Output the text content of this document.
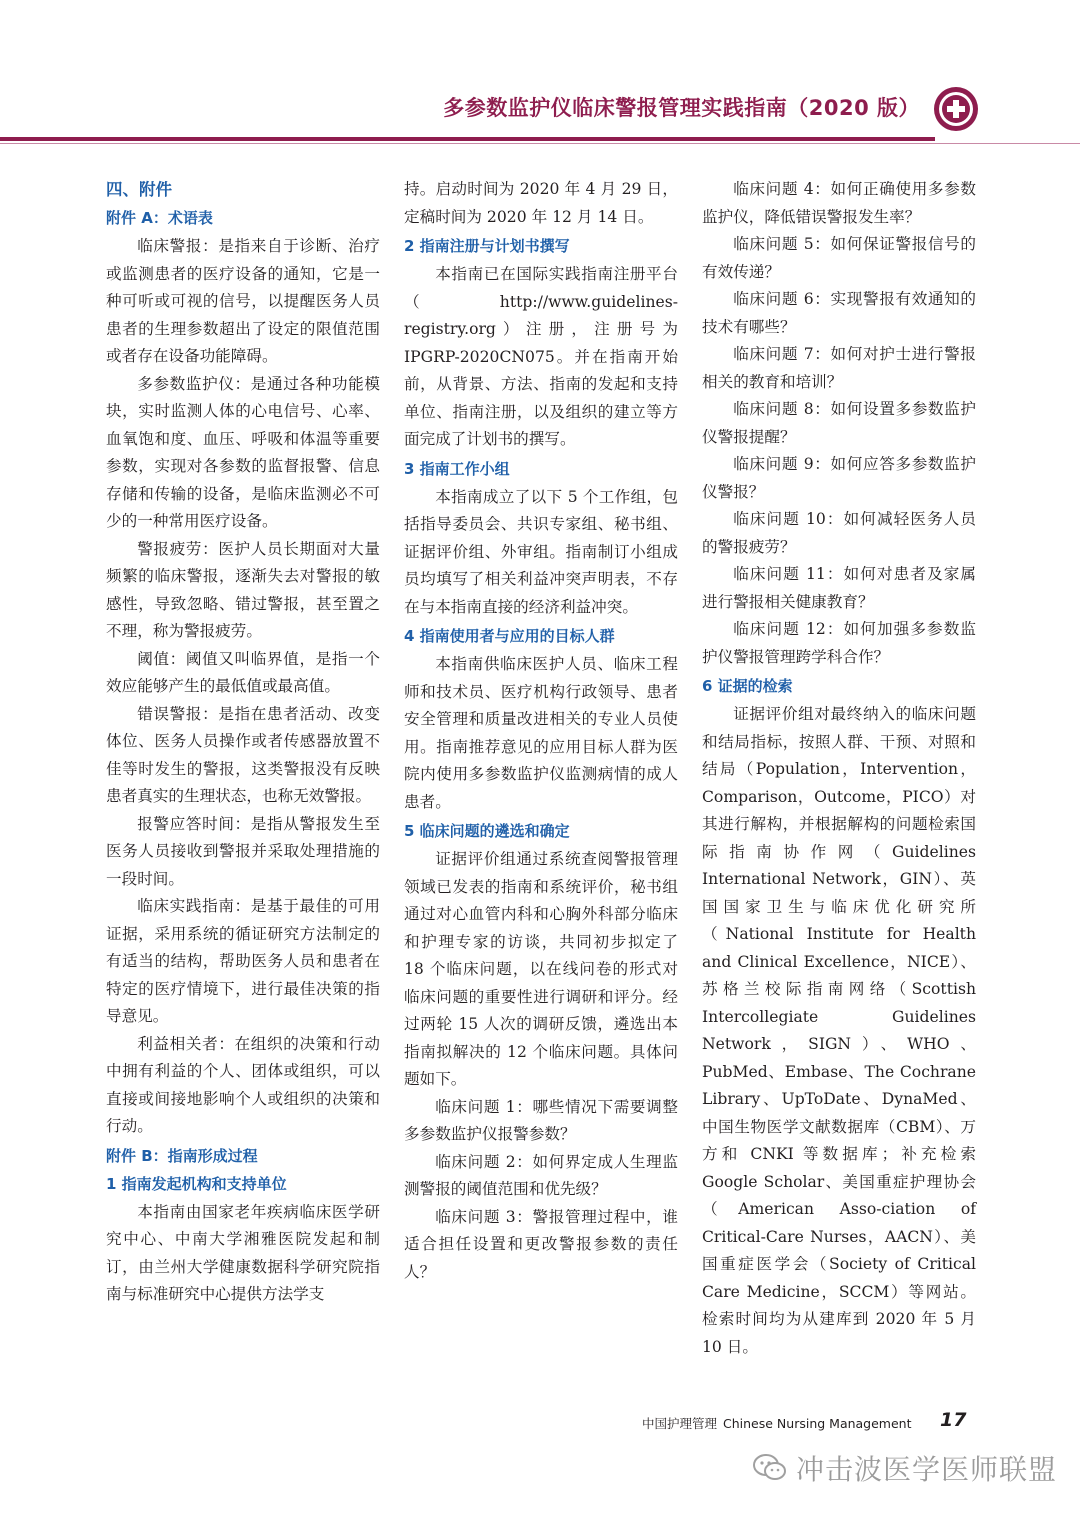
多参数监护仪临床警报管理实践指南（2020 版）
四、附件
附件 A：术语表

临床警报：是指来自于诊断、治疗或监测患者的医疗设备的通知，它是一种可听或可视的信号，以提醒医务人员患者的生理参数超出了设定的限值范围或者存在设备功能障碍。

多参数监护仪：是通过各种功能模块，实时监测人体的心电信号、心率、血氧饱和度、血压、呼吸和体温等重要参数，实现对各参数的监督报警、信息存储和传输的设备，是临床监测必不可少的一种常用医疗设备。

警报疲劳：医护人员长期面对大量频繁的临床警报，逐渐失去对警报的敏感性，导致忽略、错过警报，甚至置之不理，称为警报疲劳。

阈值：阈值又叫临界值，是指一个效应能够产生的最低值或最高值。

错误警报：是指在患者活动、改变体位、医务人员操作或者传感器放置不佳等时发生的警报，这类警报没有反映患者真实的生理状态，也称无效警报。

报警应答时间：是指从警报发生至医务人员接收到警报并采取处理措施的一段时间。

临床实践指南：是基于最佳的可用证据，采用系统的循证研究方法制定的有适当的结构，帮助医务人员和患者在特定的医疗情境下，进行最佳决策的指导意见。

利益相关者：在组织的决策和行动中拥有利益的个人、团体或组织，可以直接或间接地影响个人或组织的决策和行动。

附件 B：指南形成过程
1 指南发起机构和支持单位

本指南由国家老年疾病临床医学研究中心、中南大学湘雅医院发起和制订，由兰州大学健康数据科学研究院指南与标准研究中心提供方法学支

持。启动时间为 2020 年 4 月 29 日，定稿时间为 2020 年 12 月 14 日。

2 指南注册与计划书撰写

本指南已在国际实践指南注册平台（http://www.guidelines-registry.org）注册，注册号为 IPGRP-2020CN075。并在指南开始前，从背景、方法、指南的发起和支持单位、指南注册，以及组织的建立等方面完成了计划书的撰写。

3 指南工作小组

本指南成立了以下 5 个工作组，包括指导委员会、共识专家组、秘书组、证据评价组、外审组。指南制订小组成员均填写了相关利益冲突声明表，不存在与本指南直接的经济利益冲突。

4 指南使用者与应用的目标人群

本指南供临床医护人员、临床工程师和技术员、医疗机构行政领导、患者安全管理和质量改进相关的专业人员使用。指南推荐意见的应用目标人群为医院内使用多参数监护仪监测病情的成人患者。

5 临床问题的遴选和确定

证据评价组通过系统查阅警报管理领域已发表的指南和系统评价，秘书组通过对心血管内科和心胸外科部分临床和护理专家的访谈，共同初步拟定了 18 个临床问题，以在线问卷的形式对临床问题的重要性进行调研和评分。经过两轮 15 人次的调研反馈，遴选出本指南拟解决的 12 个临床问题。具体问题如下。

临床问题 1：哪些情况下需要调整多参数监护仪报警参数？

临床问题 2：如何界定成人生理监测警报的阈值范围和优先级？

临床问题 3：警报管理过程中，谁适合担任设置和更改警报参数的责任人？

临床问题 4：如何正确使用多参数监护仪，降低错误警报发生率？

临床问题 5：如何保证警报信号的有效传递？

临床问题 6：实现警报有效通知的技术有哪些？

临床问题 7：如何对护士进行警报相关的教育和培训？

临床问题 8：如何设置多参数监护仪警报提醒？

临床问题 9：如何应答多参数监护仪警报？

临床问题 10：如何减轻医务人员的警报疲劳？

临床问题 11：如何对患者及家属进行警报相关健康教育？

临床问题 12：如何加强多参数监护仪警报管理跨学科合作？

6 证据的检索

证据评价组对最终纳入的临床问题和结局指标，按照人群、干预、对照和结局（Population，Intervention，Comparison，Outcome，PICO）对其进行解构，并根据解构的问题检索国际指南协作网（Guidelines International Network，GIN）、英国国家卫生与临床优化研究所（National Institute for Health and Clinical Excellence，NICE）、苏格兰校际指南网络（Scottish Intercollegiate Guidelines Network，SIGN）、WHO、PubMed、Embase、The Cochrane Library、UpToDate、DynaMed、中国生物医学文献数据库（CBM）、万方和 CNKI 等数据库；补充检索 Google Scholar、美国重症护理协会（American Asso-ciation of Critical-Care Nurses，AACN）、美国重症医学会（Society of Critical Care Medicine，SCCM）等网站。检索时间均为从建库到 2020 年 5 月 10 日。

中国护理管理 Chinese Nursing Management 17
冲击波医学医师联盟
